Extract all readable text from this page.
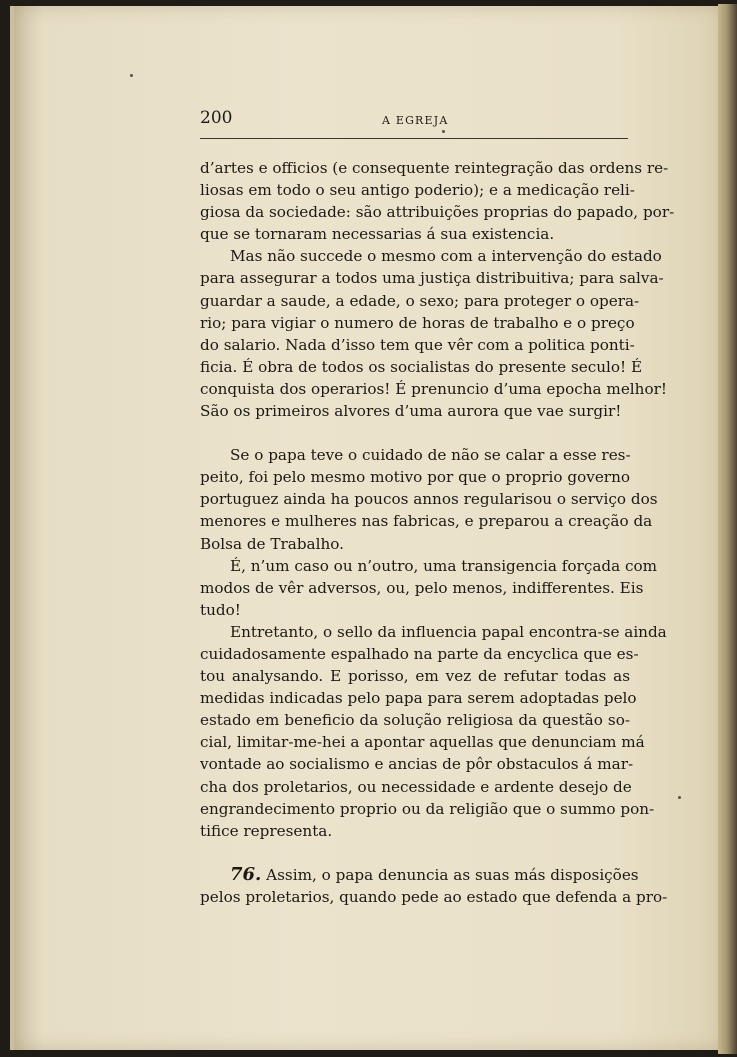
200	A EGREJA
d’artes e officios (e consequente reintegração das ordens re-
liosas em todo o seu antigo poderio); e a medicação reli-
giosa da sociedade: são attribuições proprias do papado, por-
que se tornaram necessarias á sua existencia.
Mas não succede o mesmo com a intervenção do estado
para assegurar a todos uma justiça distribuitiva; para salva-
guardar a saude, a edade, o sexo; para proteger o opera-
rio; para vigiar o numero de horas de trabalho e o preço
do salario. Nada d’isso tem que vêr com a politica ponti-
ficia. É obra de todos os socialistas do presente seculo! É
conquista dos operarios! É prenuncio d’uma epocha melhor!
São os primeiros alvores d’uma aurora que vae surgir!
Se o papa teve o cuidado de não se calar a esse res-
peito, foi pelo mesmo motivo por que o proprio governo
portuguez ainda ha poucos annos regularisou o serviço dos
menores e mulheres nas fabricas, e preparou a creação da
Bolsa de Trabalho.
É, n’um caso ou n’outro, uma transigencia forçada com
modos de vêr adversos, ou, pelo menos, indifferentes. Eis
tudo!
Entretanto, o sello da influencia papal encontra-se ainda
cuidadosamente espalhado na parte da encyclica que es-
tou analysando. E porisso, em vez de refutar todas as
medidas indicadas pelo papa para serem adoptadas pelo
estado em beneficio da solução religiosa da questão so-
cial, limitar-me-hei a apontar aquellas que denunciam má
vontade ao socialismo e ancias de pôr obstaculos á mar-
cha dos proletarios, ou necessidade e ardente desejo de
engrandecimento proprio ou da religião que o summo pon-
tifice representa.
76. Assim, o papa denuncia as suas más disposições
pelos proletarios, quando pede ao estado que defenda a pro-
